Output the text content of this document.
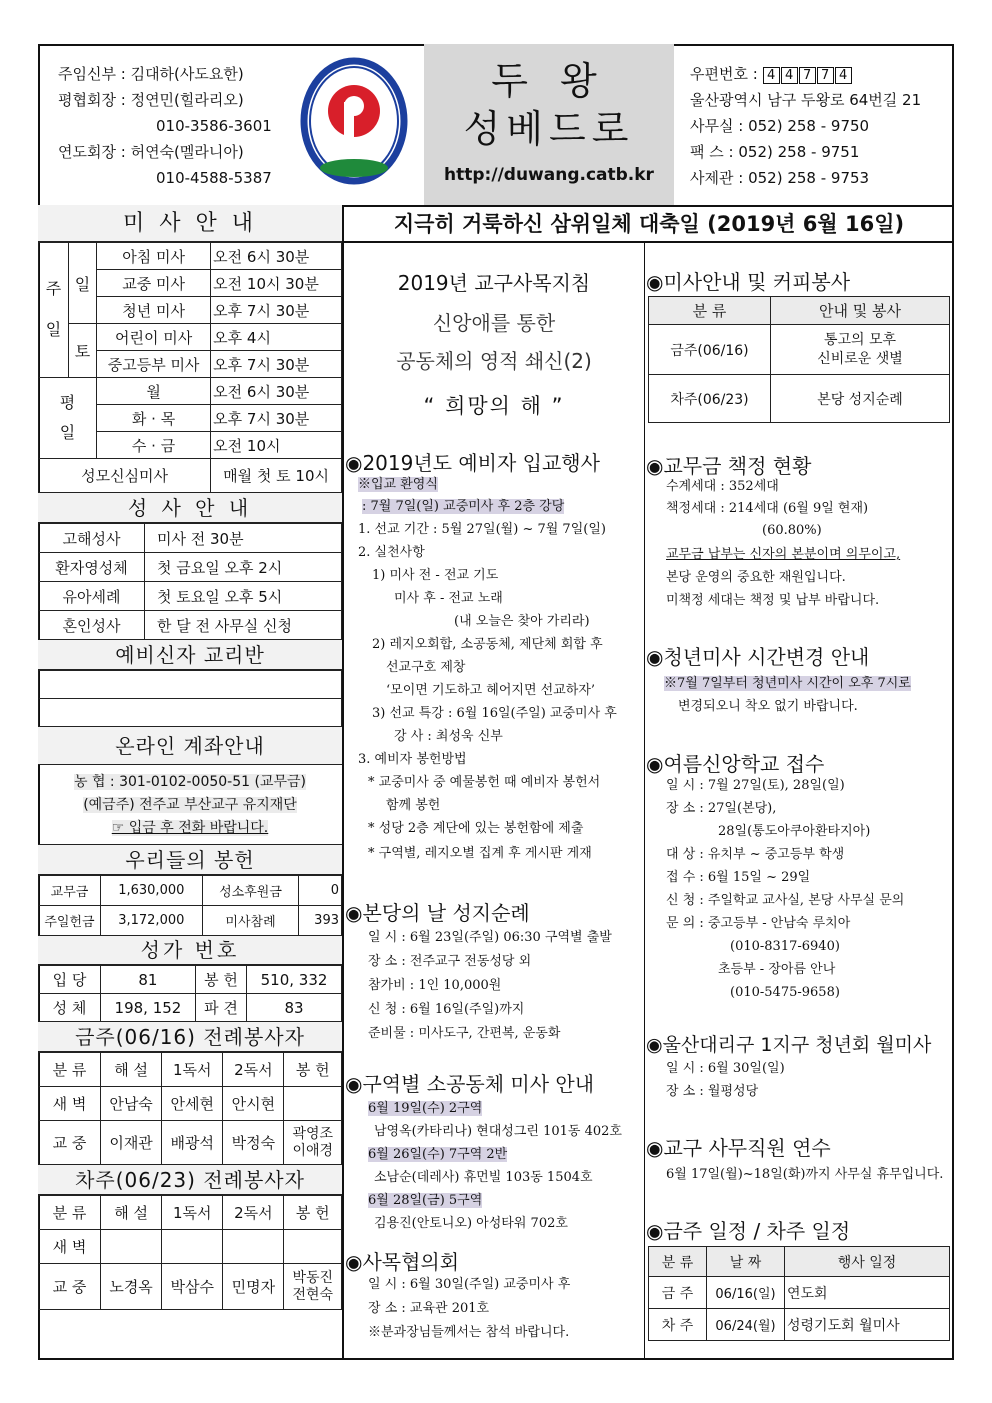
주임신부 : 김대하(사도요한)
평협회장 : 정연민(힐라리오)
010-3586-3601
연도회장 : 허연숙(멜라니아)
010-4588-5387
두 왕
성베드로
http://duwang.catb.kr
우편번호 : 4 4 7 7 4
울산광역시 남구 두왕로 64번길 21
사무실 : 052) 258 - 9750
팩 스 : 052) 258 - 9751
사제관 : 052) 258 - 9753
미 사 안 내
주

일	일	아침 미사	오전 6시 30분
		교중 미사	오전 10시 30분
		청년 미사	오후 7시 30분
	토	어린이 미사	오후 4시
		중고등부 미사	오후 7시 30분
평
일		월	오전 6시 30분
		화 · 목	오후 7시 30분
		수 · 금	오전 10시
성모신심미사			매월 첫 토 10시
성 사 안 내
고해성사	미사 전 30분
환자영성체	첫 금요일 오후 2시
유아세례	첫 토요일 오후 5시
혼인성사	한 달 전 사무실 신청
예비신자 교리반

온라인 계좌안내
농 협 : 301-0102-0050-51 (교무금)
(예금주) 전주교 부산교구 유지재단
☞ 입금 후 전화 바랍니다.
우리들의 봉헌
교무금	1,630,000	성소후원금	0
주일헌금	3,172,000	미사참례	393
성가 번호
입 당	81	봉 헌	510, 332
성 체	198, 152	파 견	83
금주(06/16) 전례봉사자
분 류	해 설	1독서	2독서	봉 헌
새 벽	안남숙	안세현	안시현	
교 중	이재관	배광석	박정숙	곽영조
이애경
차주(06/23) 전례봉사자
분 류	해 설	1독서	2독서	봉 헌
새 벽				
교 중	노경옥	박삼수	민명자	박동진
전현숙
지극히 거룩하신 삼위일체 대축일 (2019년 6월 16일)
2019년 교구사목지침
신앙애를 통한
공동체의 영적 쇄신(2)
“ 희망의 해 ”
◉2019년도 예비자 입교행사
※입교 환영식
: 7월 7일(일) 교중미사 후 2층 강당
1. 선교 기간 : 5월 27일(월) ~ 7월 7일(일)
2. 실천사항
1) 미사 전 - 전교 기도
미사 후 - 전교 노래
(내 오늘은 찾아 가리라)
2) 레지오회합, 소공동체, 제단체 회합 후
선교구호 제창
‘모이면 기도하고 헤어지면 선교하자’
3) 선교 특강 : 6월 16일(주일) 교중미사 후
강 사 : 최성욱 신부
3. 예비자 봉헌방법
* 교중미사 중 예물봉헌 때 예비자 봉헌서
함께 봉헌
* 성당 2층 계단에 있는 봉헌함에 제출
* 구역별, 레지오별 집계 후 게시판 게재
◉본당의 날 성지순례
일 시 : 6월 23일(주일) 06:30 구역별 출발
장 소 : 전주교구 전동성당 외
참가비 : 1인 10,000원
신 청 : 6월 16일(주일)까지
준비물 : 미사도구, 간편복, 운동화
◉구역별 소공동체 미사 안내
6월 19일(수) 2구역
남영옥(카타리나) 현대성그린 101동 402호
6월 26일(수) 7구역 2반
소남순(데레사) 휴먼빌 103동 1504호
6월 28일(금) 5구역
김용진(안토니오) 아성타워 702호
◉사목협의회
일 시 : 6월 30일(주일) 교중미사 후
장 소 : 교육관 201호
※분과장님들께서는 참석 바랍니다.
◉미사안내 및 커피봉사
분 류	안내 및 봉사
금주(06/16)	통고의 모후
신비로운 샛별
차주(06/23)	본당 성지순례
◉교무금 책정 현황
수계세대 : 352세대
책정세대 : 214세대 (6월 9일 현재)
(60.80%)
교무금 납부는 신자의 본분이며 의무이고,
본당 운영의 중요한 재원입니다.
미책정 세대는 책정 및 납부 바랍니다.
◉청년미사 시간변경 안내
※7월 7일부터 청년미사 시간이 오후 7시로
변경되오니 착오 없기 바랍니다.
◉여름신앙학교 접수
일 시 : 7월 27일(토), 28일(일)
장 소 : 27일(본당),
28일(통도아쿠아환타지아)
대 상 : 유치부 ~ 중고등부 학생
접 수 : 6월 15일 ~ 29일
신 청 : 주일학교 교사실, 본당 사무실 문의
문 의 : 중고등부 - 안남숙 루치아
(010-8317-6940)
초등부 - 장아름 안나
(010-5475-9658)
◉울산대리구 1지구 청년회 월미사
일 시 : 6월 30일(일)
장 소 : 월평성당
◉교구 사무직원 연수
6월 17일(월)~18일(화)까지 사무실 휴무입니다.
◉금주 일정 / 차주 일정
분 류	날 짜	행사 일정
금 주	06/16(일)	연도회
차 주	06/24(월)	성령기도회 월미사
